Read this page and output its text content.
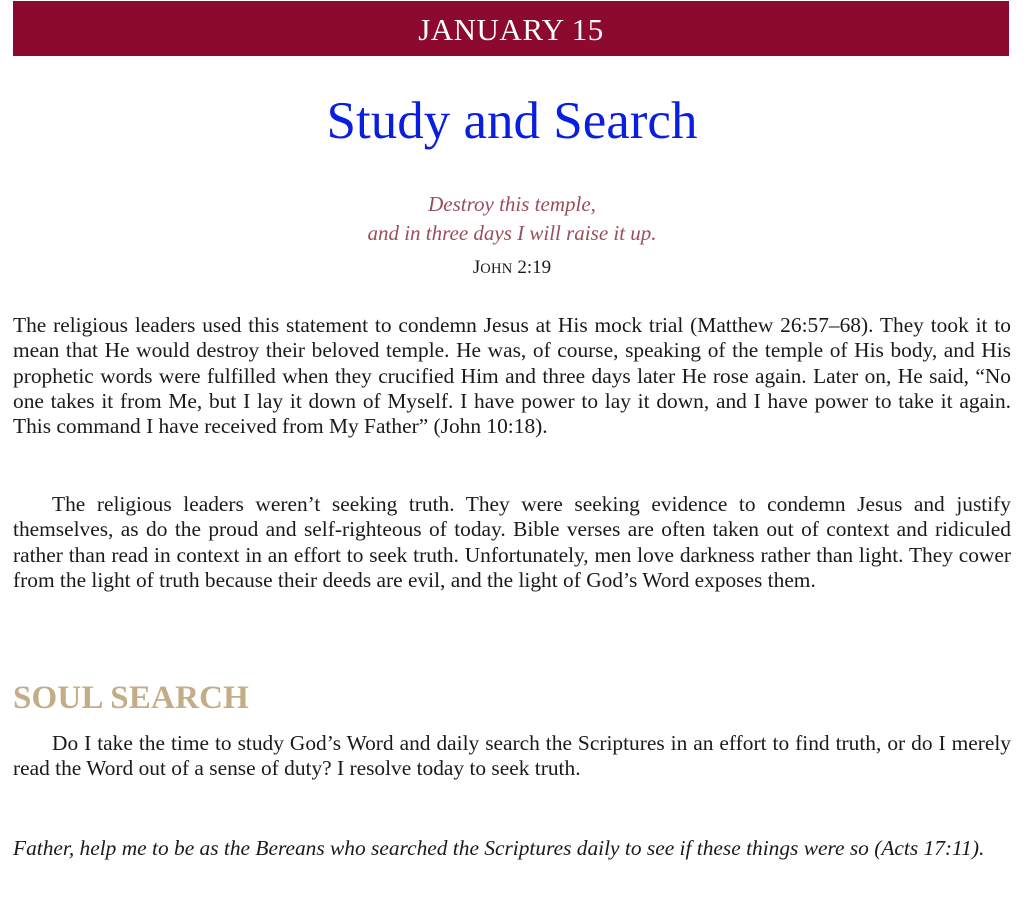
JANUARY 15
Study and Search
Destroy this temple,
and in three days I will raise it up.
JOHN 2:19

The religious leaders used this statement to condemn Jesus at His mock trial (Matthew 26:57–68). They took it to mean that He would destroy their beloved temple. He was, of course, speaking of the temple of His body, and His prophetic words were fulfilled when they crucified Him and three days later He rose again. Later on, He said, “No one takes it from Me, but I lay it down of Myself. I have power to lay it down, and I have power to take it again. This command I have received from My Father” (John 10:18).

The religious leaders weren’t seeking truth. They were seeking evidence to condemn Jesus and justify themselves, as do the proud and self-righteous of today. Bible verses are often taken out of context and ridiculed rather than read in context in an effort to seek truth. Unfortunately, men love darkness rather than light. They cower from the light of truth because their deeds are evil, and the light of God’s Word exposes them.

SOUL SEARCH

Do I take the time to study God’s Word and daily search the Scriptures in an effort to find truth, or do I merely read the Word out of a sense of duty? I resolve today to seek truth.

Father, help me to be as the Bereans who searched the Scriptures daily to see if these things were so (Acts 17:11).
